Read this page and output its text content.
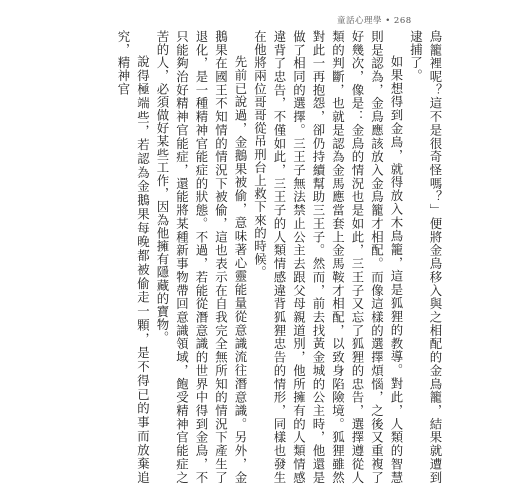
童話心理學 • 268

鳥籠裡呢？這不是很奇怪嗎？」便將金鳥移入與之相配的金鳥籠，結果就遭到逮捕了。

如果想得到金鳥，就得放入木鳥籠，這是狐狸的教導。對此，人類的智慧則是認為，金鳥應該放入金鳥籠才相配。而像這樣的選擇煩惱，之後又重複了好幾次，像是：金鳥的情況也是如此，三王子又忘了狐狸的忠告，選擇遵從人類的判斷，也就是認為金馬應當套上金馬鞍才相配，以致身陷險境。狐狸雖然對此一再抱怨，卻仍持續幫助三王子。然而，前去找黃金城的公主時，他還是做了相同的選擇。三王子無法禁止公主去跟父母親道別，他所擁有的人類情感違背了忠告，不僅如此，三王子的人類情感違背狐狸忠告的情形，同樣也發生在他將兩位哥哥從吊刑台上救下來的時候。

先前已說過，金鵝果被偷，意味著心靈能量從意識流往潛意識。另外，金鵝果在國王不知情的情況下被偷，這也表示在自我完全無所知的情況下產生了退化，是一種精神官能症的狀態。不過，若能從潛意識的世界中得到金鳥，不只能夠治好精神官能症，還能將某種新事物帶回意識領域，飽受精神官能症之苦的人，必須做好某些工作，因為他擁有隱藏的寶物。

說得極端些，若認為金鵝果每晚都被偷走一顆，是不得已的事而放棄追究，精神官
